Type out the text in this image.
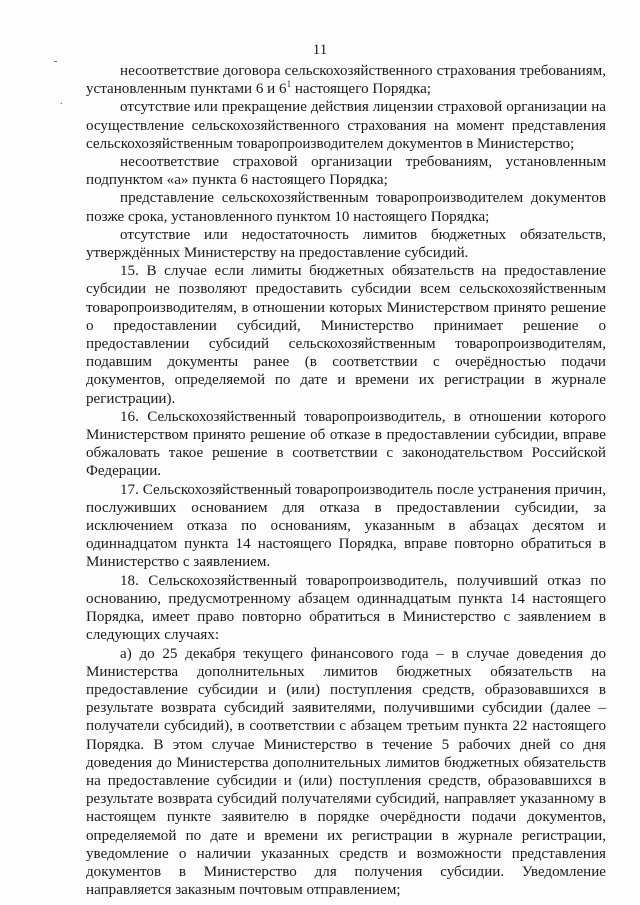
11
-
.

несоответствие договора сельскохозяйственного страхования требованиям, установленным пунктами 6 и $6^1$ настоящего Порядка;

отсутствие или прекращение действия лицензии страховой организации на осуществление сельскохозяйственного страхования на момент представления сельскохозяйственным товаропроизводителем документов в Министерство;

несоответствие страховой организации требованиям, установленным подпунктом «а» пункта 6 настоящего Порядка;

представление сельскохозяйственным товаропроизводителем документов позже срока, установленного пунктом 10 настоящего Порядка;

отсутствие или недостаточность лимитов бюджетных обязательств, утверждённых Министерству на предоставление субсидий.

15. В случае если лимиты бюджетных обязательств на предоставление субсидии не позволяют предоставить субсидии всем сельскохозяйственным товаропроизводителям, в отношении которых Министерством принято решение о предоставлении субсидий, Министерство принимает решение о предоставлении субсидий сельскохозяйственным товаропроизводителям, подавшим документы ранее (в соответствии с очерёдностью подачи документов, определяемой по дате и времени их регистрации в журнале регистрации).

16. Сельскохозяйственный товаропроизводитель, в отношении которого Министерством принято решение об отказе в предоставлении субсидии, вправе обжаловать такое решение в соответствии с законодательством Российской Федерации.

17. Сельскохозяйственный товаропроизводитель после устранения причин, послуживших основанием для отказа в предоставлении субсидии, за исключением отказа по основаниям, указанным в абзацах десятом и одиннадцатом пункта 14 настоящего Порядка, вправе повторно обратиться в Министерство с заявлением.

18. Сельскохозяйственный товаропроизводитель, получивший отказ по основанию, предусмотренному абзацем одиннадцатым пункта 14 настоящего Порядка, имеет право повторно обратиться в Министерство с заявлением в следующих случаях:

а) до 25 декабря текущего финансового года – в случае доведения до Министерства дополнительных лимитов бюджетных обязательств на предоставление субсидии и (или) поступления средств, образовавшихся в результате возврата субсидий заявителями, получившими субсидии (далее – получатели субсидий), в соответствии с абзацем третьим пункта 22 настоящего Порядка. В этом случае Министерство в течение 5 рабочих дней со дня доведения до Министерства дополнительных лимитов бюджетных обязательств на предоставление субсидии и (или) поступления средств, образовавшихся в результате возврата субсидий получателями субсидий, направляет указанному в настоящем пункте заявителю в порядке очерёдности подачи документов, определяемой по дате и времени их регистрации в журнале регистрации, уведомление о наличии указанных средств и возможности представления документов в Министерство для получения субсидии. Уведомление направляется заказным почтовым отправлением;
